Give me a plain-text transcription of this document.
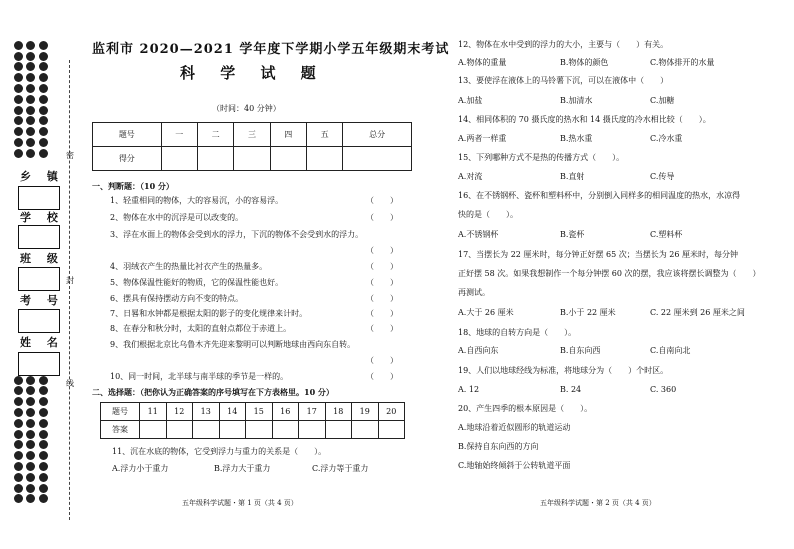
乡 镇
学 校
班 级
考 号
姓 名
密
封
线
监利市 2020—2021 学年度下学期小学五年级期末考试
科 学 试 题
（时间：40 分钟）
题号	一	二	三	四	五	总分
得分						
一、判断题：（10 分）
1、轻重相同的物体，大的容易沉，小的容易浮。
2、物体在水中的沉浮是可以改变的。
3、浮在水面上的物体会受到水的浮力，下沉的物体不会受到水的浮力。
4、羽绒衣产生的热量比衬衣产生的热量多。
5、物体保温性能好的物质，它的保温性能也好。
6、摆具有保持摆动方向不变的特点。
7、日晷和水钟都是根据太阳的影子的变化规律来计时。
8、在春分和秋分时，太阳的直射点都位于赤道上。
9、我们根据北京比乌鲁木齐先迎来黎明可以判断地球由西向东自转。
10、同一时间，北半球与南半球的季节是一样的。
（　　）
（　　）
（　　）
（　　）
（　　）
（　　）
（　　）
（　　）
（　　）
（　　）
二、选择题：（把你认为正确答案的序号填写在下方表格里。10 分）
题号	11	12	13	14	15	16	17	18	19	20
答案										
11、沉在水底的物体，它受到浮力与重力的关系是（　　）。
A.浮力小于重力	B.浮力大于重力	C.浮力等于重力
五年级科学试题・第 1 页（共 4 页）
12、物体在水中受到的浮力的大小，主要与（　　）有关。
A.物体的重量	B.物体的颜色	C.物体排开的水量
13、要使浮在液体上的马铃薯下沉，可以在液体中（　　）
A.加盐	B.加清水	C.加糖
14、相同体积的 70 摄氏度的热水和 14 摄氏度的冷水相比较（　　）。
A.两者一样重	B.热水重	C.冷水重
15、下列哪种方式不是热的传播方式（　　）。
A.对流	B.直射	C.传导
16、在不锈钢杯、瓷杯和塑料杯中，分别倒入同样多的相同温度的热水，水凉得
快的是（　　）。
A.不锈钢杯	B.瓷杯	C.塑料杯
17、当摆长为 22 厘米时，每分钟正好摆 65 次；当摆长为 26 厘米时，每分钟
正好摆 58 次。如果我想制作一个每分钟摆 60 次的摆，我应该将摆长调整为（　　）
再测试。
A.大于 26 厘米	B.小于 22 厘米	C. 22 厘米到 26 厘米之间
18、地球的自转方向是（　　）。
A.自西向东	B.自东向西	C.自南向北
19、人们以地球经线为标准，将地球分为（　　）个时区。
A. 12	B. 24	C. 360
20、产生四季的根本原因是（　　）。
A.地球沿着近似圆形的轨道运动
B.保持自东向西的方向
C.地轴始终倾斜于公转轨道平面
五年级科学试题・第 2 页（共 4 页）
